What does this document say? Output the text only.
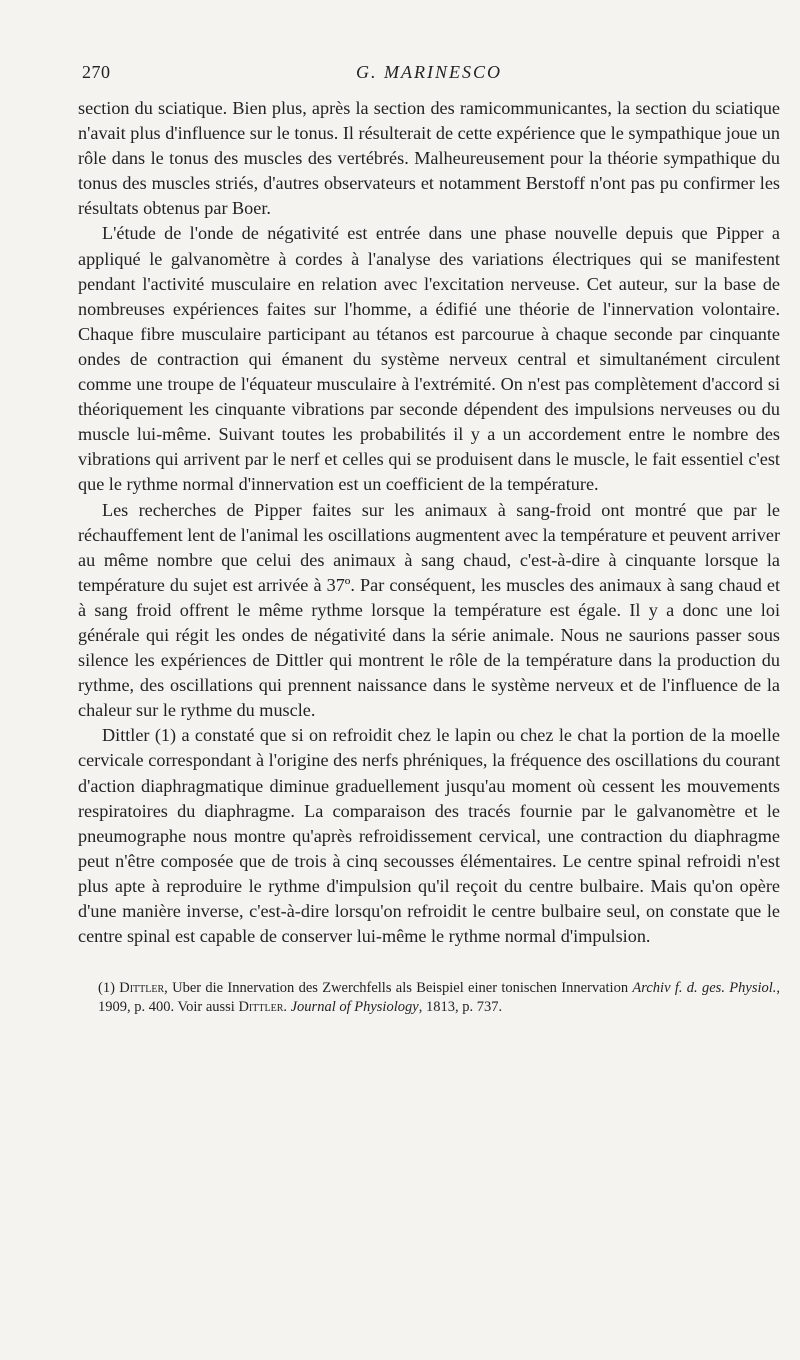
270	G. MARINESCO

section du sciatique. Bien plus, après la section des ramicommunicantes, la section du sciatique n'avait plus d'influence sur le tonus. Il résulterait de cette expérience que le sympathique joue un rôle dans le tonus des muscles des vertébrés. Malheureusement pour la théorie sympathique du tonus des muscles striés, d'autres observateurs et notamment Berstoff n'ont pas pu confirmer les résultats obtenus par Boer.

L'étude de l'onde de négativité est entrée dans une phase nouvelle depuis que Pipper a appliqué le galvanomètre à cordes à l'analyse des variations électriques qui se manifestent pendant l'activité musculaire en relation avec l'excitation nerveuse. Cet auteur, sur la base de nombreuses expériences faites sur l'homme, a édifié une théorie de l'innervation volontaire. Chaque fibre musculaire participant au tétanos est parcourue à chaque seconde par cinquante ondes de contraction qui émanent du système nerveux central et simultanément circulent comme une troupe de l'équateur musculaire à l'extrémité. On n'est pas complètement d'accord si théoriquement les cinquante vibrations par seconde dépendent des impulsions nerveuses ou du muscle lui-même. Suivant toutes les probabilités il y a un accordement entre le nombre des vibrations qui arrivent par le nerf et celles qui se produisent dans le muscle, le fait essentiel c'est que le rythme normal d'innervation est un coefficient de la température.

Les recherches de Pipper faites sur les animaux à sang-froid ont montré que par le réchauffement lent de l'animal les oscillations augmentent avec la température et peuvent arriver au même nombre que celui des animaux à sang chaud, c'est-à-dire à cinquante lorsque la température du sujet est arrivée à 37º. Par conséquent, les muscles des animaux à sang chaud et à sang froid offrent le même rythme lorsque la température est égale. Il y a donc une loi générale qui régit les ondes de négativité dans la série animale. Nous ne saurions passer sous silence les expériences de Dittler qui montrent le rôle de la température dans la production du rythme, des oscillations qui prennent naissance dans le système nerveux et de l'influence de la chaleur sur le rythme du muscle.

Dittler (1) a constaté que si on refroidit chez le lapin ou chez le chat la portion de la moelle cervicale correspondant à l'origine des nerfs phréniques, la fréquence des oscillations du courant d'action diaphragmatique diminue graduellement jusqu'au moment où cessent les mouvements respiratoires du diaphragme. La comparaison des tracés fournie par le galvanomètre et le pneumographe nous montre qu'après refroidissement cervical, une contraction du diaphragme peut n'être composée que de trois à cinq secousses élémentaires. Le centre spinal refroidi n'est plus apte à reproduire le rythme d'impulsion qu'il reçoit du centre bulbaire. Mais qu'on opère d'une manière inverse, c'est-à-dire lorsqu'on refroidit le centre bulbaire seul, on constate que le centre spinal est capable de conserver lui-même le rythme normal d'impulsion.

(1) Dittler, Uber die Innervation des Zwerchfells als Beispiel einer tonischen Innervation Archiv f. d. ges. Physiol., 1909, p. 400. Voir aussi Dittler. Journal of Physiology, 1813, p. 737.
